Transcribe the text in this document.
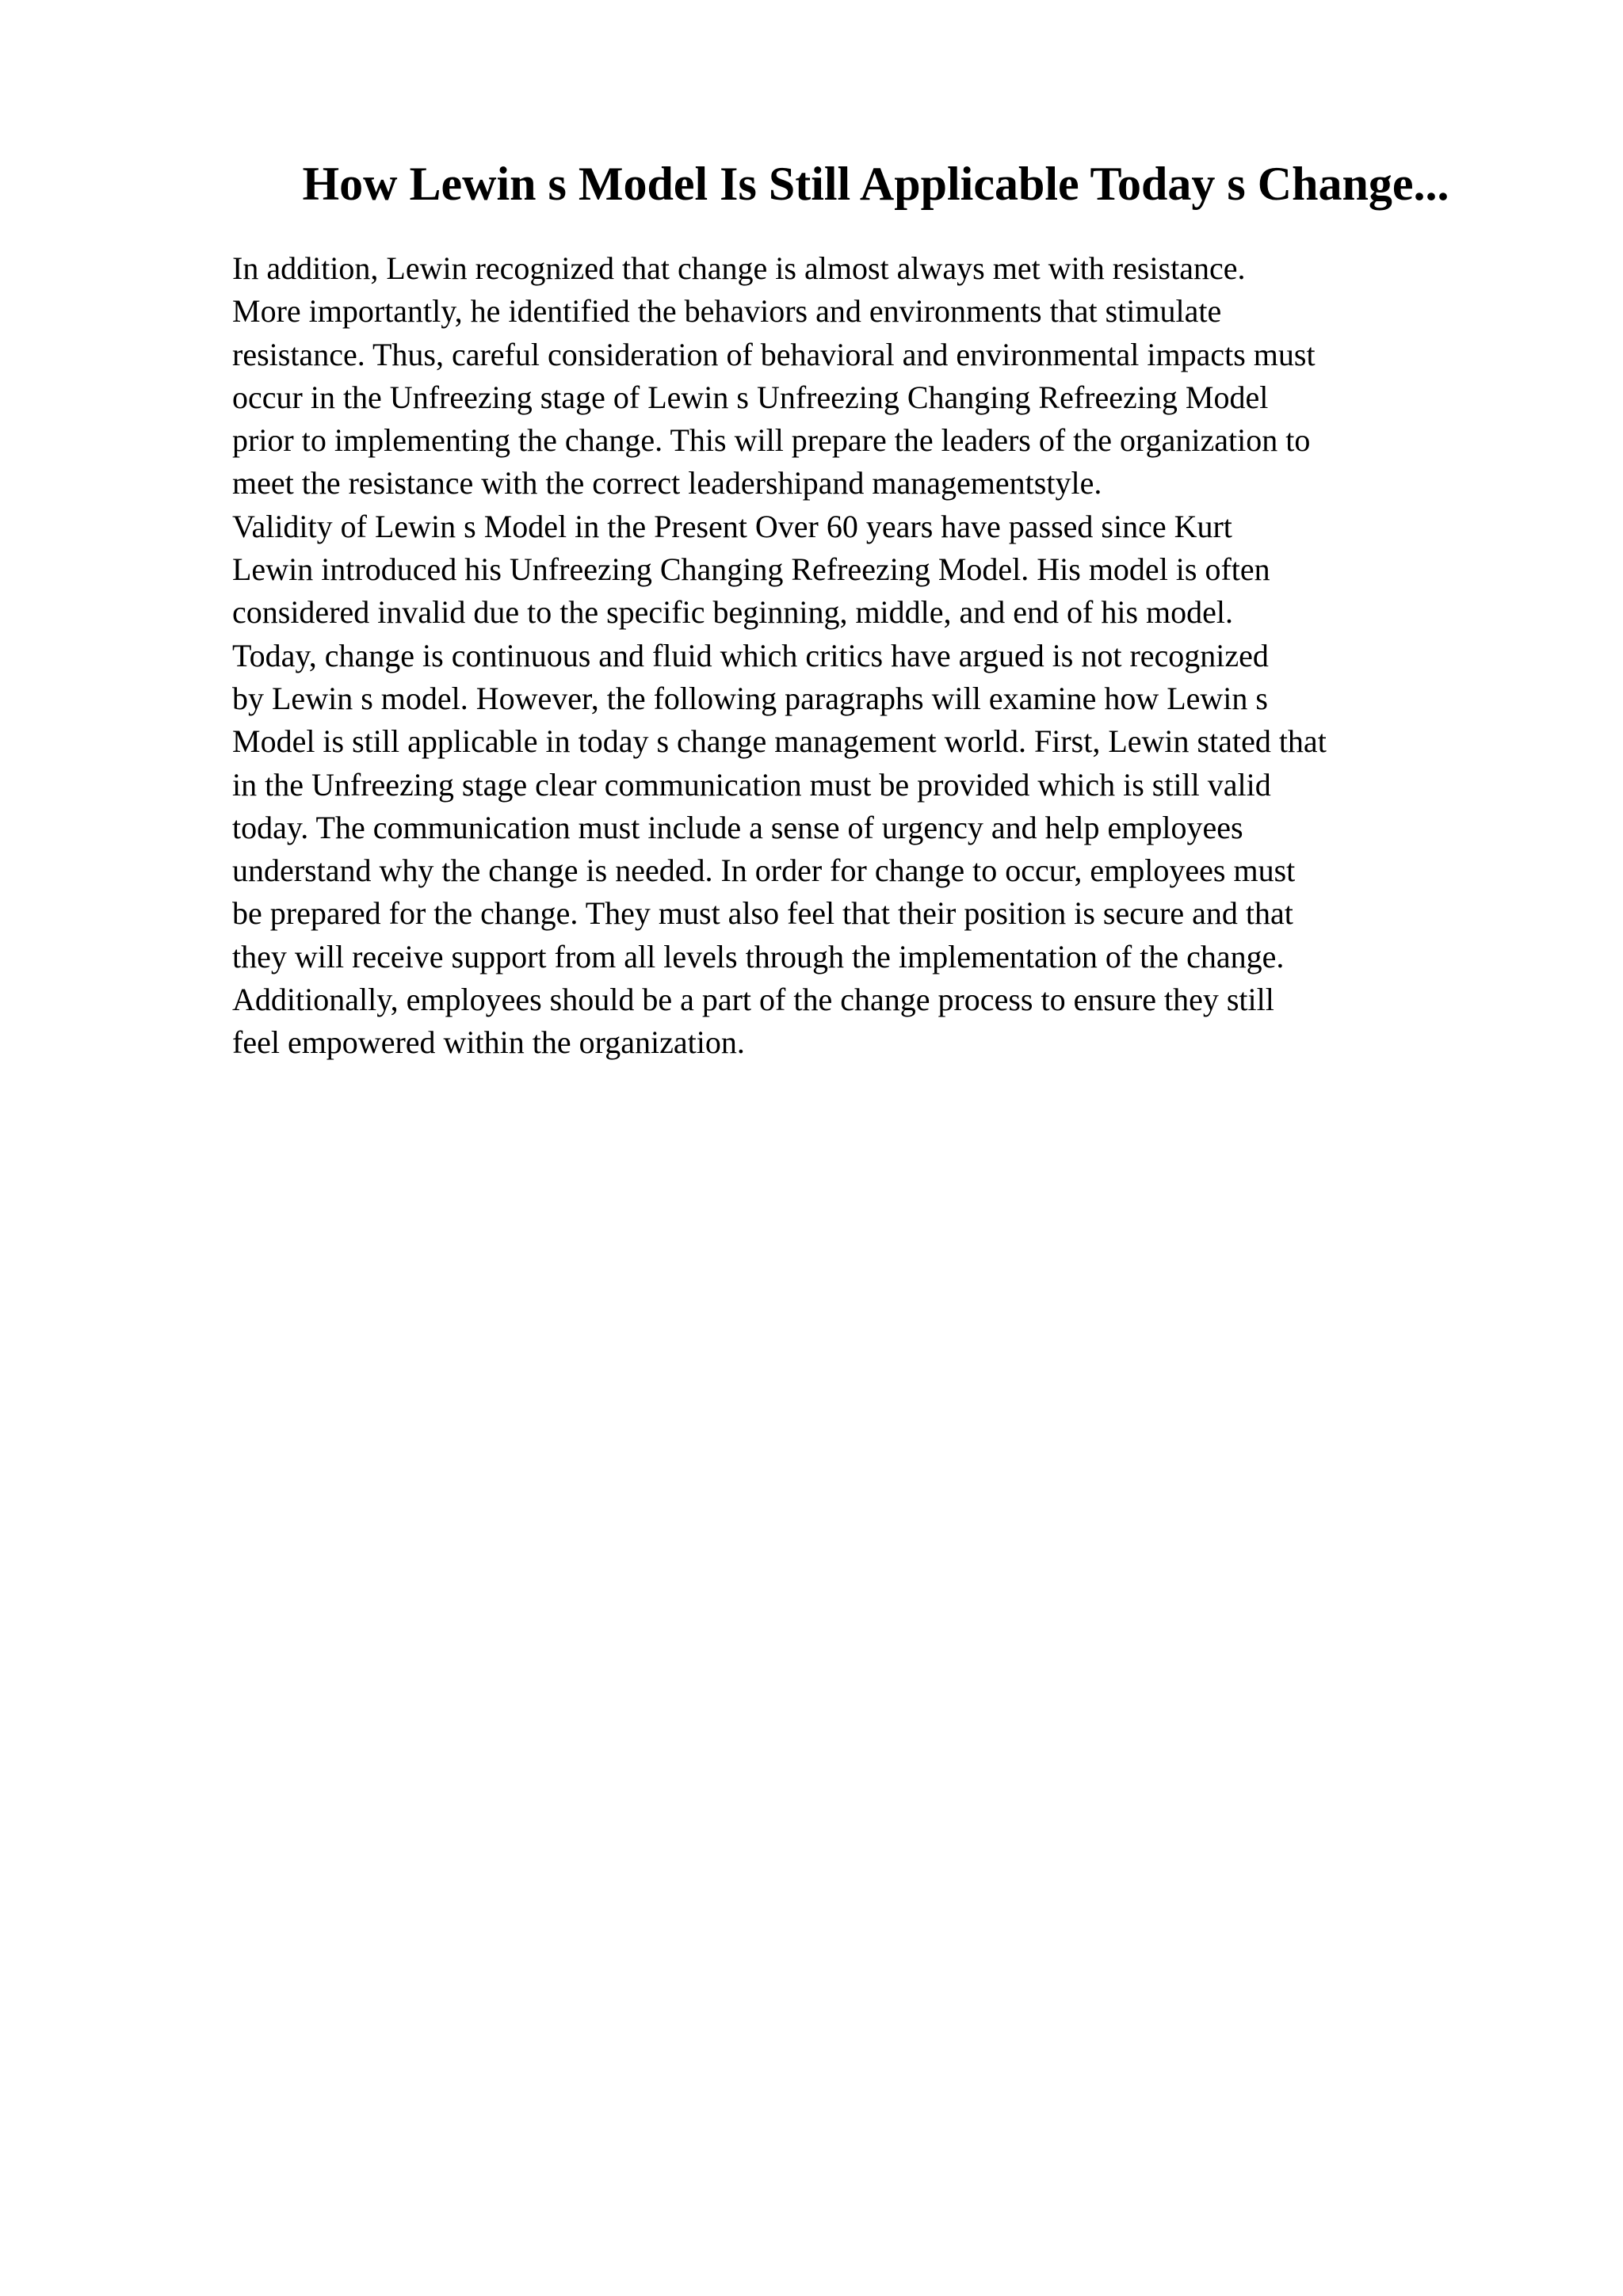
How Lewin s Model Is Still Applicable Today s Change...
In addition, Lewin recognized that change is almost always met with resistance.
More importantly, he identified the behaviors and environments that stimulate
resistance. Thus, careful consideration of behavioral and environmental impacts must
occur in the Unfreezing stage of Lewin s Unfreezing Changing Refreezing Model
prior to implementing the change. This will prepare the leaders of the organization to
meet the resistance with the correct leadershipand managementstyle.
Validity of Lewin s Model in the Present Over 60 years have passed since Kurt
Lewin introduced his Unfreezing Changing Refreezing Model. His model is often
considered invalid due to the specific beginning, middle, and end of his model.
Today, change is continuous and fluid which critics have argued is not recognized
by Lewin s model. However, the following paragraphs will examine how Lewin s
Model is still applicable in today s change management world. First, Lewin stated that
in the Unfreezing stage clear communication must be provided which is still valid
today. The communication must include a sense of urgency and help employees
understand why the change is needed. In order for change to occur, employees must
be prepared for the change. They must also feel that their position is secure and that
they will receive support from all levels through the implementation of the change.
Additionally, employees should be a part of the change process to ensure they still
feel empowered within the organization.
